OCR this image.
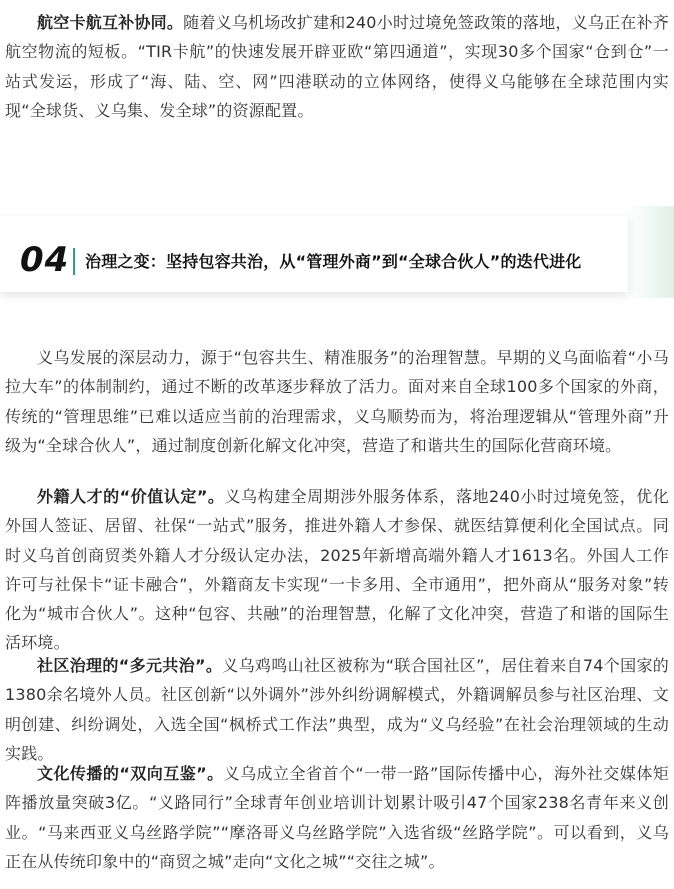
航空卡航互补协同。随着义乌机场改扩建和240小时过境免签政策的落地，义乌正在补齐航空物流的短板。“TIR卡航”的快速发展开辟亚欧“第四通道”，实现30多个国家“仓到仓”一站式发运，形成了“海、陆、空、网”四港联动的立体网络，使得义乌能够在全球范围内实现“全球货、义乌集、发全球”的资源配置。

04 治理之变：坚持包容共治，从“管理外商”到“全球合伙人”的迭代进化

义乌发展的深层动力，源于“包容共生、精准服务”的治理智慧。早期的义乌面临着“小马拉大车”的体制制约，通过不断的改革逐步释放了活力。面对来自全球100多个国家的外商，传统的“管理思维”已难以适应当前的治理需求，义乌顺势而为，将治理逻辑从“管理外商”升级为“全球合伙人”，通过制度创新化解文化冲突，营造了和谐共生的国际化营商环境。

外籍人才的“价值认定”。义乌构建全周期涉外服务体系，落地240小时过境免签，优化外国人签证、居留、社保“一站式”服务，推进外籍人才参保、就医结算便利化全国试点。同时义乌首创商贸类外籍人才分级认定办法，2025年新增高端外籍人才1613名。外国人工作许可与社保卡“证卡融合”，外籍商友卡实现“一卡多用、全市通用”，把外商从“服务对象”转化为“城市合伙人”。这种“包容、共融”的治理智慧，化解了文化冲突，营造了和谐的国际生活环境。

社区治理的“多元共治”。义乌鸡鸣山社区被称为“联合国社区”，居住着来自74个国家的1380余名境外人员。社区创新“以外调外”涉外纠纷调解模式，外籍调解员参与社区治理、文明创建、纠纷调处，入选全国“枫桥式工作法”典型，成为“义乌经验”在社会治理领域的生动实践。

文化传播的“双向互鉴”。义乌成立全省首个“一带一路”国际传播中心，海外社交媒体矩阵播放量突破3亿。“义路同行”全球青年创业培训计划累计吸引47个国家238名青年来义创业。“马来西亚义乌丝路学院”“摩洛哥义乌丝路学院”入选省级“丝路学院”。可以看到，义乌正在从传统印象中的“商贸之城”走向“文化之城”“交往之城”。
